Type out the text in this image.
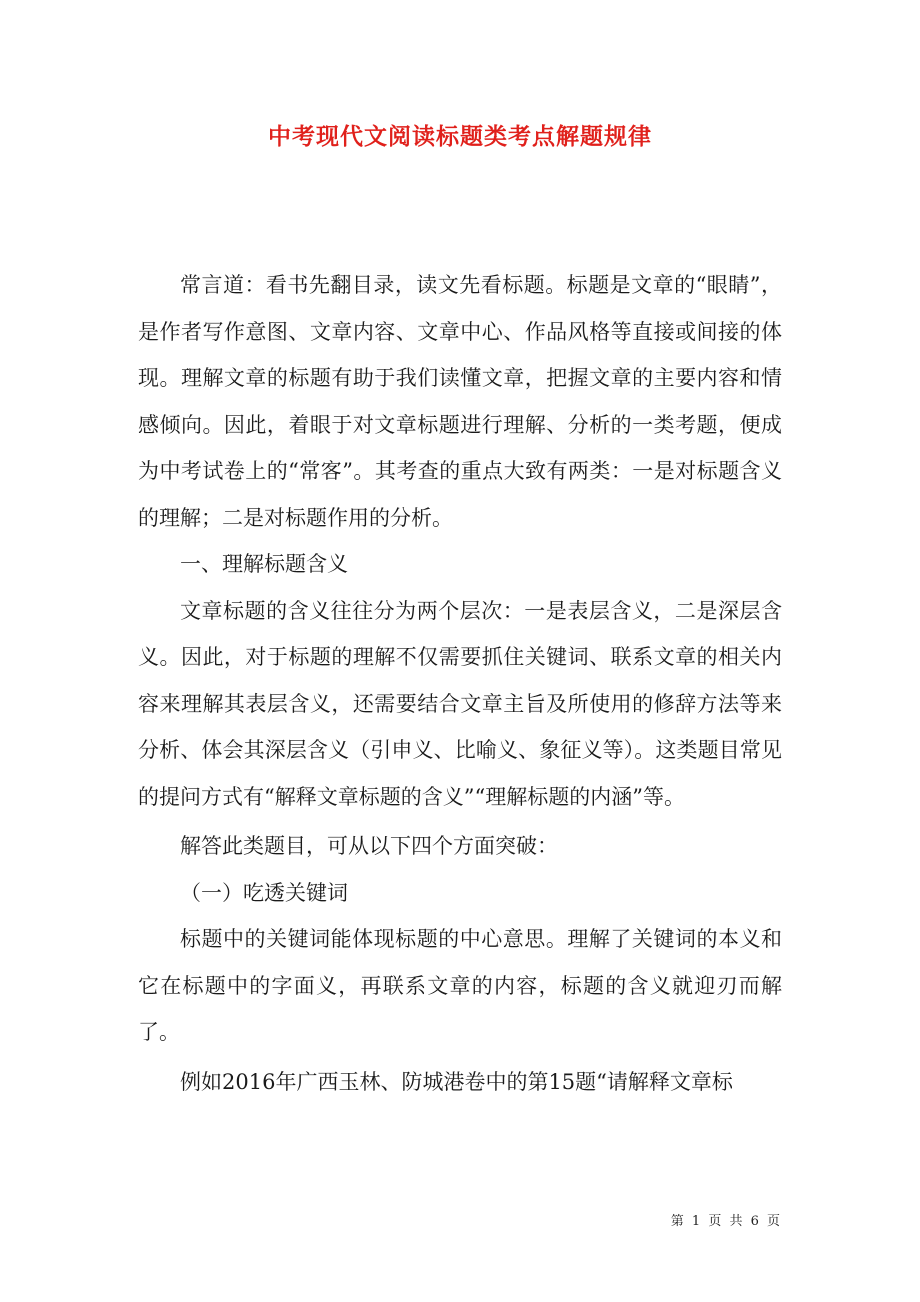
中考现代文阅读标题类考点解题规律

常言道：看书先翻目录，读文先看标题。标题是文章的“眼睛”，是作者写作意图、文章内容、文章中心、作品风格等直接或间接的体现。理解文章的标题有助于我们读懂文章，把握文章的主要内容和情感倾向。因此，着眼于对文章标题进行理解、分析的一类考题，便成为中考试卷上的“常客”。其考查的重点大致有两类：一是对标题含义的理解；二是对标题作用的分析。

一、理解标题含义

文章标题的含义往往分为两个层次：一是表层含义，二是深层含义。因此，对于标题的理解不仅需要抓住关键词、联系文章的相关内容来理解其表层含义，还需要结合文章主旨及所使用的修辞方法等来分析、体会其深层含义（引申义、比喻义、象征义等）。这类题目常见的提问方式有“解释文章标题的含义”“理解标题的内涵”等。

解答此类题目，可从以下四个方面突破：

（一）吃透关键词

标题中的关键词能体现标题的中心意思。理解了关键词的本义和它在标题中的字面义，再联系文章的内容，标题的含义就迎刃而解了。

例如2016年广西玉林、防城港卷中的第15题“请解释文章标

第 1 页 共 6 页
